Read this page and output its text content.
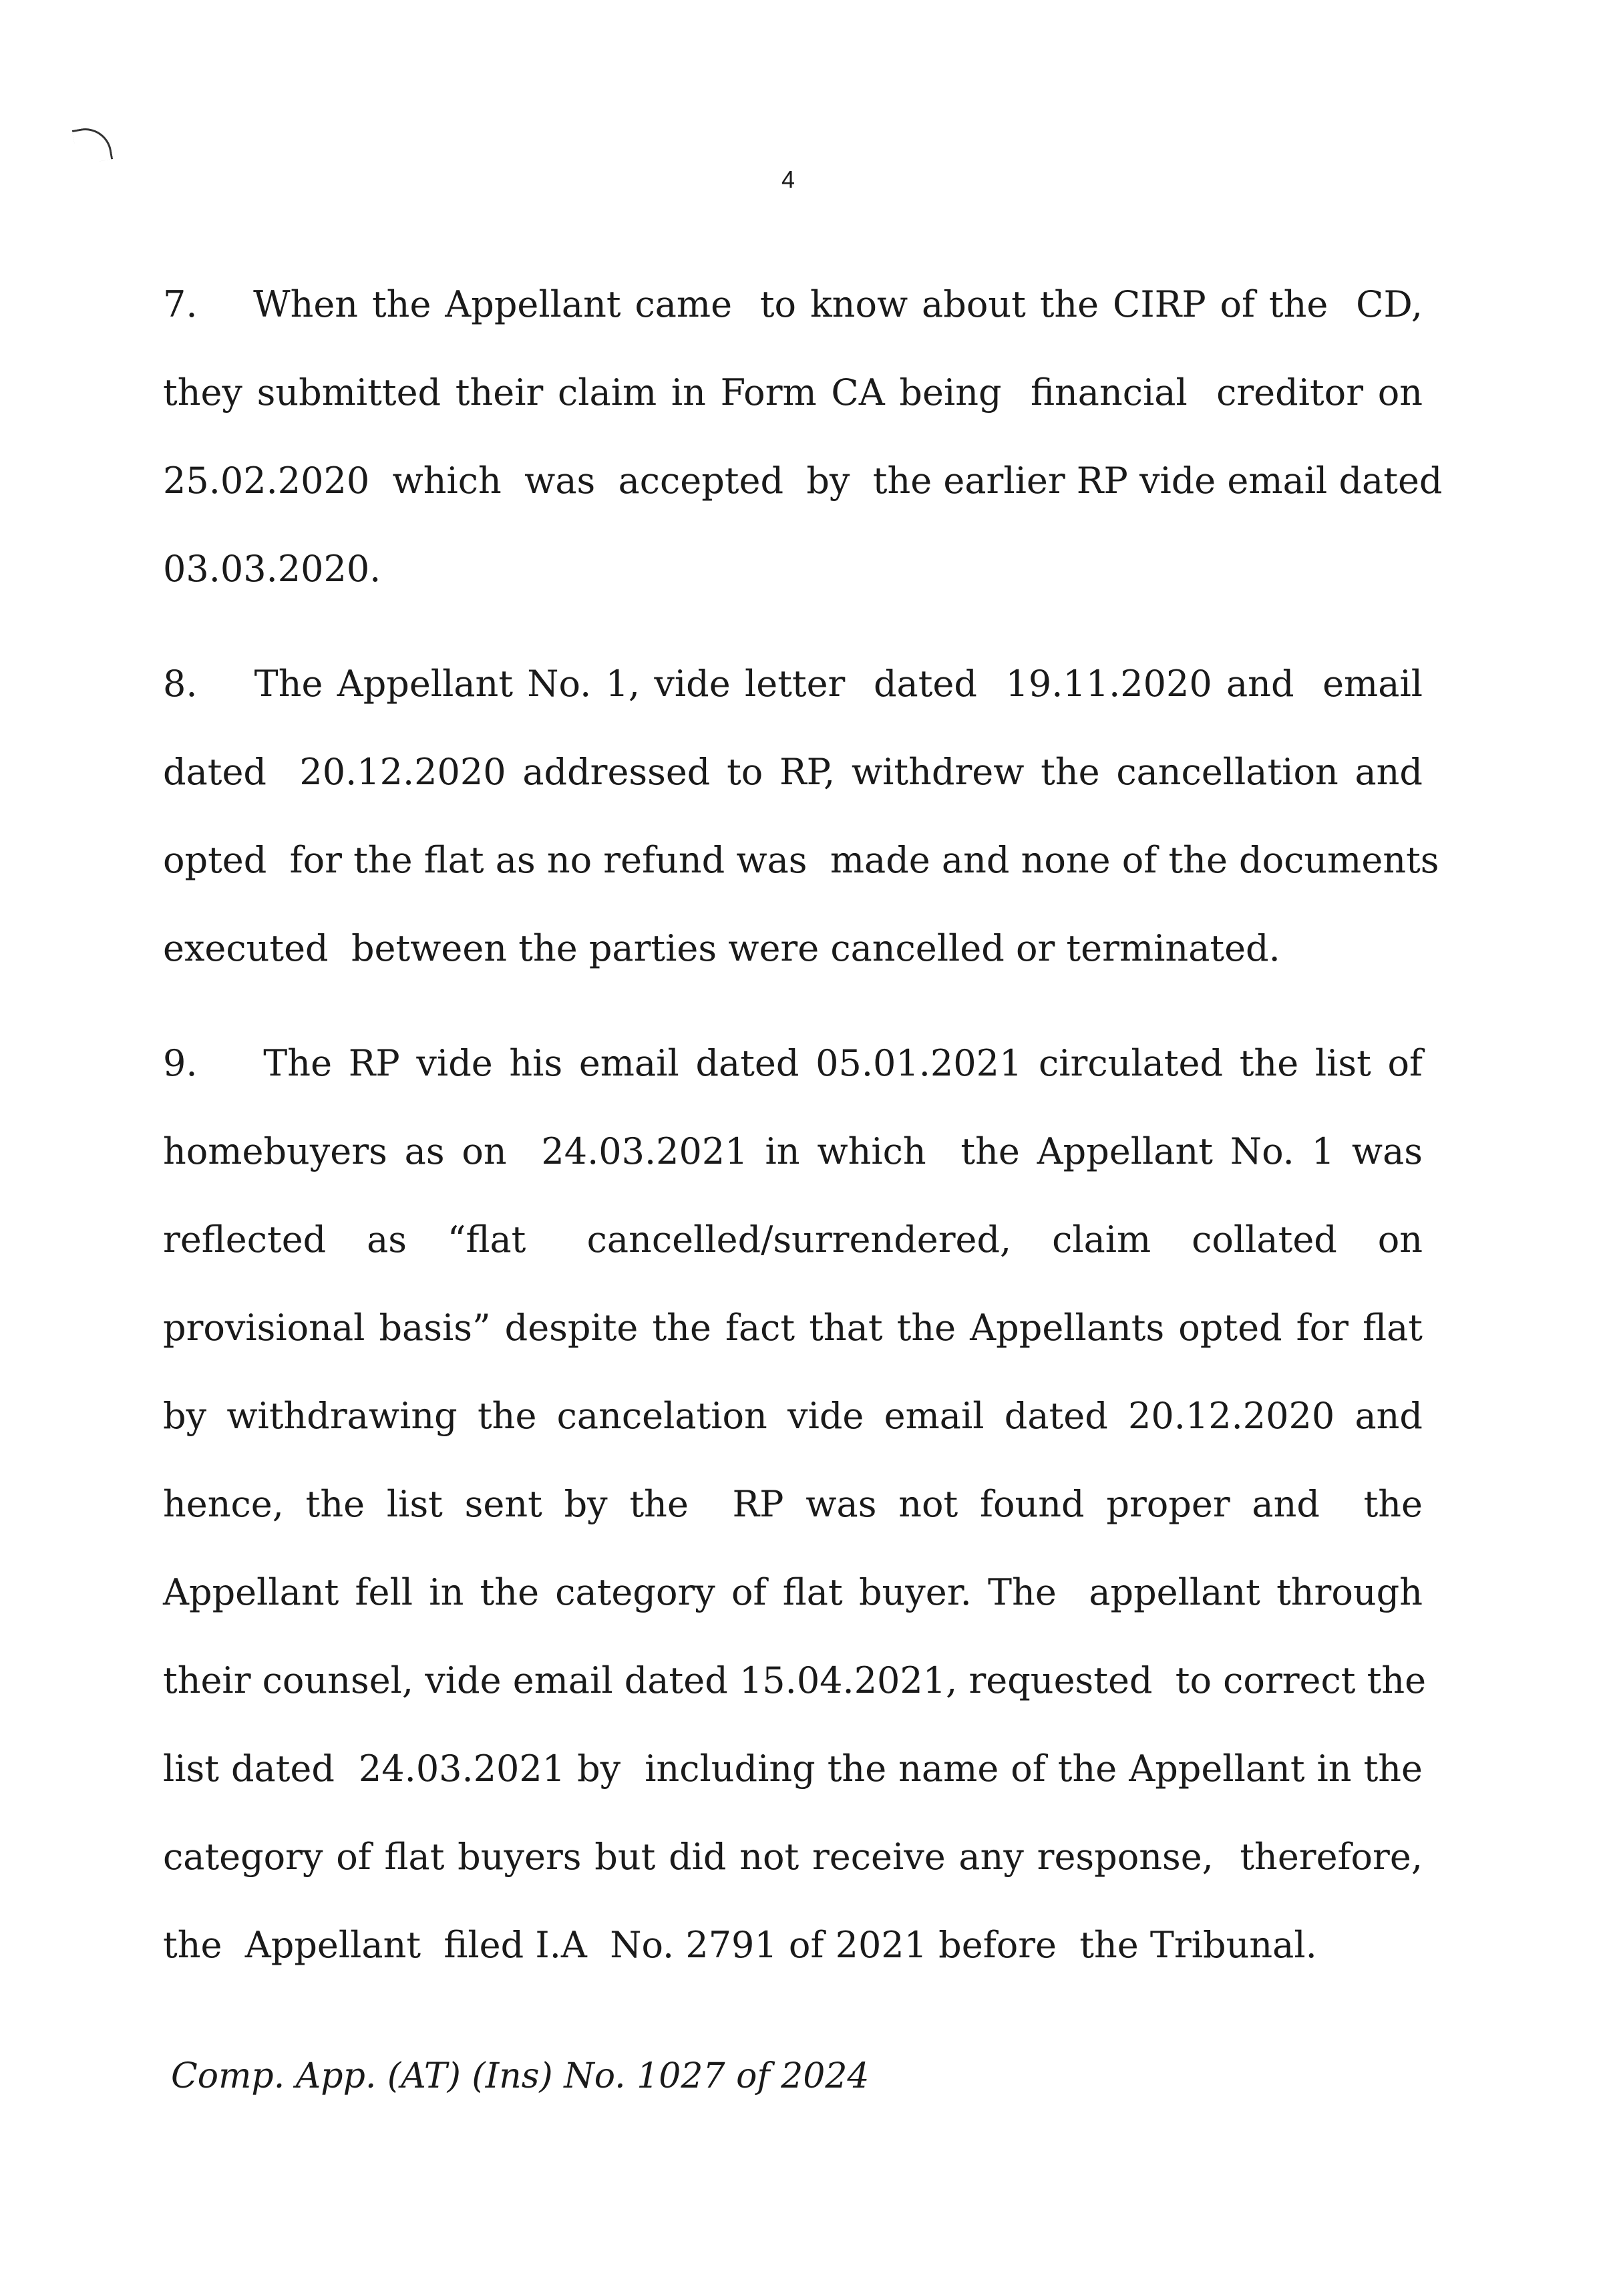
4
7.    When the Appellant came  to know about the CIRP of the  CD,
they submitted their claim in Form CA being  financial  creditor on
25.02.2020  which  was  accepted  by  the earlier RP vide email dated
03.03.2020.
8.    The Appellant No. 1, vide letter  dated  19.11.2020 and  email
dated  20.12.2020 addressed to RP, withdrew the cancellation and
opted  for the flat as no refund was  made and none of the documents
executed  between the parties were cancelled or terminated.
9.    The RP vide his email dated 05.01.2021 circulated the list of
homebuyers as on  24.03.2021 in which  the Appellant No. 1 was
reflected  as  “flat   cancelled/surrendered,  claim  collated  on
provisional basis” despite the fact that the Appellants opted for flat
by withdrawing the cancelation vide email dated 20.12.2020 and
hence, the list sent by the  RP was not found proper and  the
Appellant fell in the category of flat buyer. The  appellant through
their counsel, vide email dated 15.04.2021, requested  to correct the
list dated  24.03.2021 by  including the name of the Appellant in the
category of flat buyers but did not receive any response,  therefore,
the  Appellant  filed I.A  No. 2791 of 2021 before  the Tribunal.
Comp. App. (AT) (Ins) No. 1027 of 2024
